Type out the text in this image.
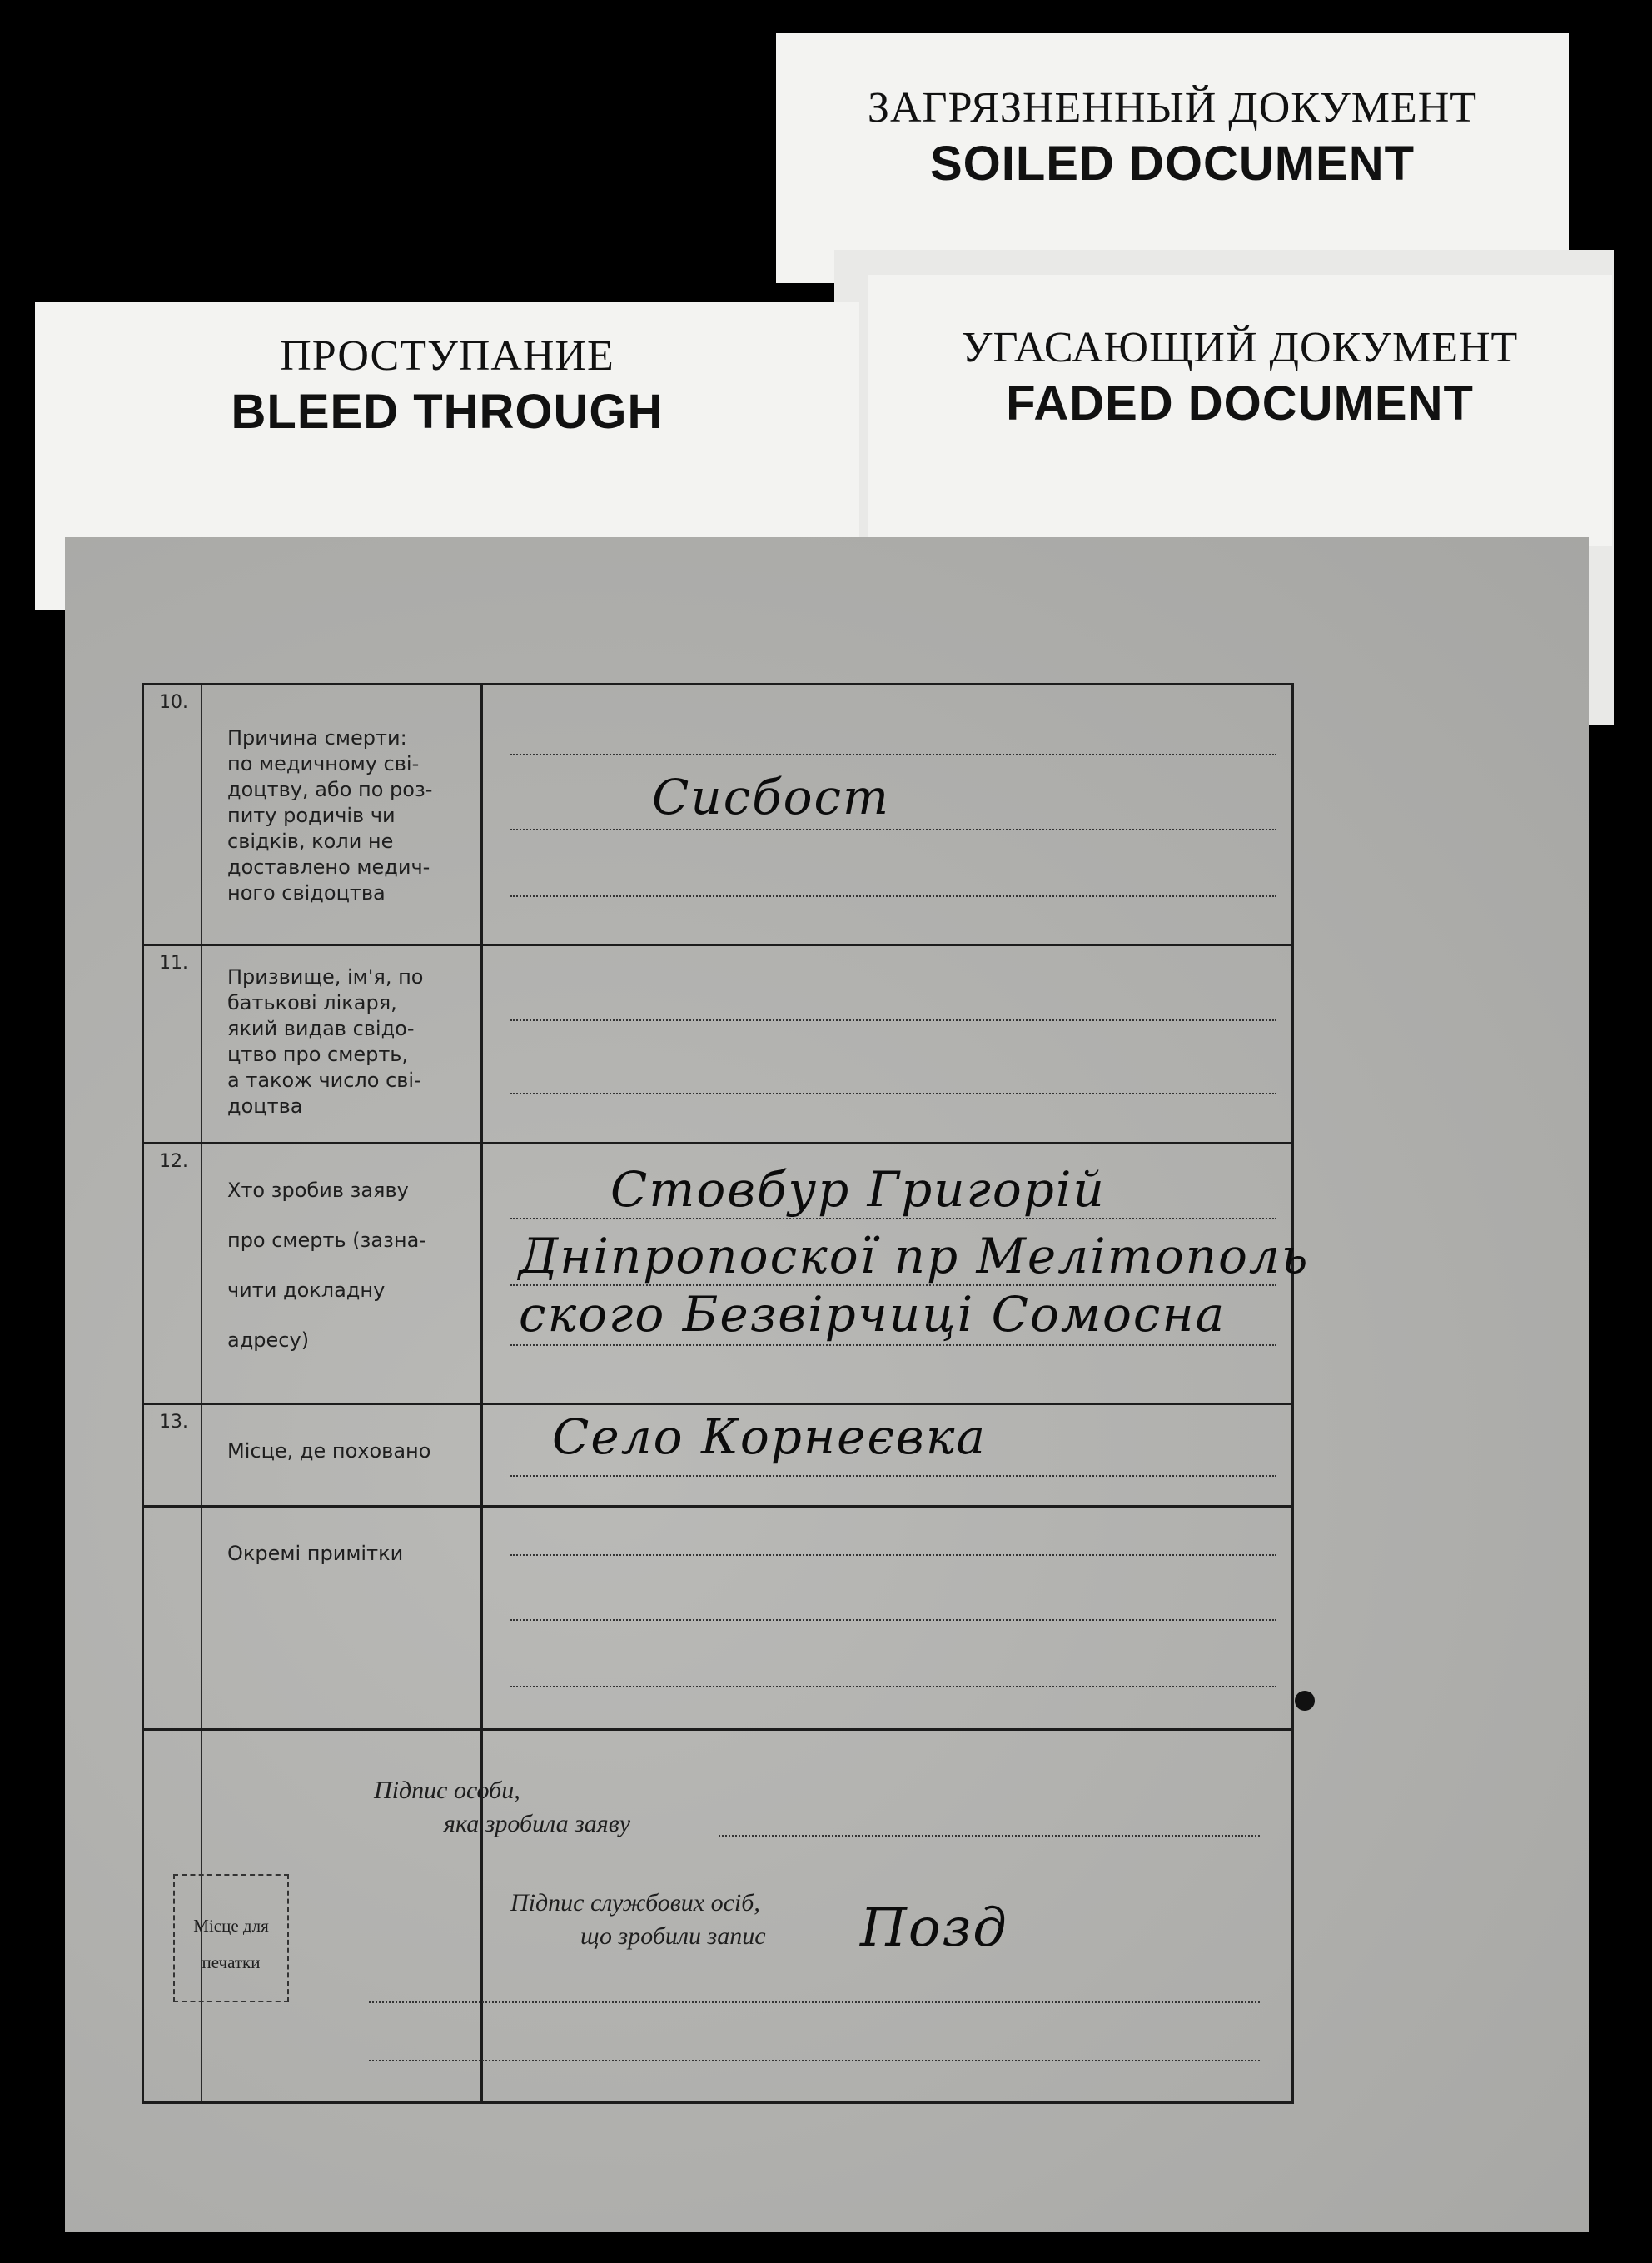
ЗАГРЯЗНЕННЫЙ ДОКУМЕНТ
SOILED DOCUMENT
ПРОСТУПАНИЕ
BLEED THROUGH
УГАСАЮЩИЙ ДОКУМЕНТ
FADED DOCUMENT
10.
Причина смерти:
по медичному сві-
доцтву, або по роз-
питу родичів чи
свідків, коли не
доставлено медич-
ного свідоцтва
Сисбост
11.
Призвище, ім'я, по
батькові лікаря,
який видав свідо-
цтво про смерть,
а також число сві-
доцтва
12.
Хто зробив заяву

про смерть (зазна-

чити докладну

адресу)
Стовбур Григорій
Дніпропоскої пр Мелітополь
ского Безвірчиці Сомосна
13.
Місце, де поховано	Село Корнеєвка
Окремі примітки
Підпис особи,
яка зробила заяву
Підпис службових осіб,
що зробили запис Позд
Місце для печатки
